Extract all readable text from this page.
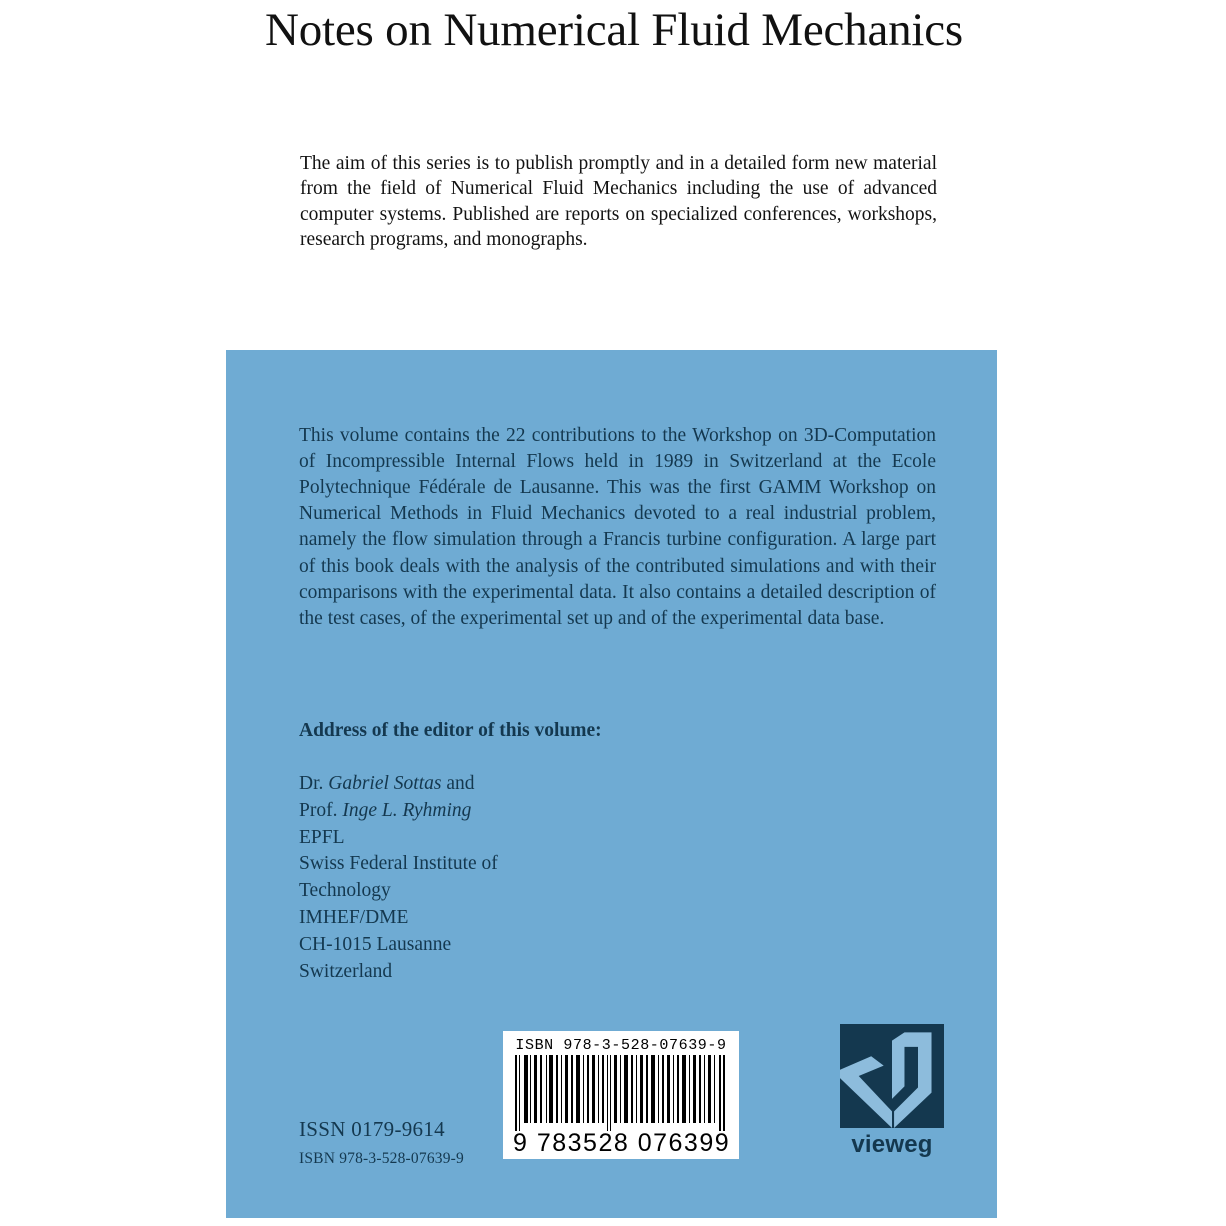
Notes on Numerical Fluid Mechanics

The aim of this series is to publish promptly and in a detailed form new material from the field of Numerical Fluid Mechanics including the use of advanced computer systems. Published are reports on specialized conferences, workshops, research programs, and monographs.

This volume contains the 22 contributions to the Workshop on 3D-Computation of Incompressible Internal Flows held in 1989 in Switzerland at the Ecole Polytechnique Fédérale de Lausanne. This was the first GAMM Workshop on Numerical Methods in Fluid Mechanics devoted to a real industrial problem, namely the flow simulation through a Francis turbine configuration. A large part of this book deals with the analysis of the contributed simulations and with their comparisons with the experimental data. It also contains a detailed description of the test cases, of the experimental set up and of the experimental data base.

Address of the editor of this volume:
Dr. Gabriel Sottas and
Prof. Inge L. Ryhming
EPFL
Swiss Federal Institute of
Technology
IMHEF/DME
CH-1015 Lausanne
Switzerland
ISSN 0179-9614
ISBN 978-3-528-07639-9
ISBN 978-3-528-07639-9
9 783528 076399	vieweg
